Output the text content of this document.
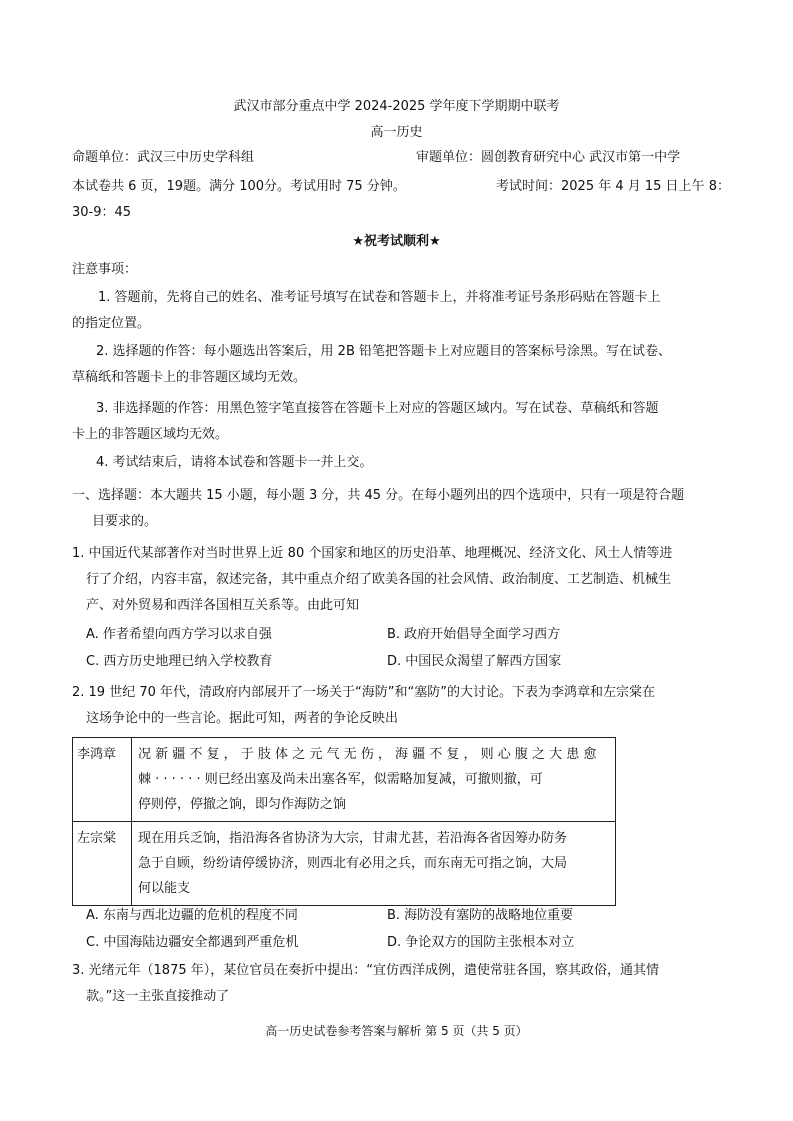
武汉市部分重点中学 2024-2025 学年度下学期期中联考
高一历史
命题单位：武汉三中历史学科组	审题单位：圆创教育研究中心 武汉市第一中学
本试卷共 6 页，19题。满分 100分。考试用时 75 分钟。	考试时间：2025 年 4 月 15 日上午 8：
30-9：45
★祝考试顺利★
注意事项：
1. 答题前，先将自己的姓名、准考证号填写在试卷和答题卡上，并将准考证号条形码贴在答题卡上
的指定位置。
2. 选择题的作答：每小题选出答案后，用 2B 铅笔把答题卡上对应题目的答案标号涂黑。写在试卷、
草稿纸和答题卡上的非答题区域均无效。
3. 非选择题的作答：用黑色签字笔直接答在答题卡上对应的答题区域内。写在试卷、草稿纸和答题
卡上的非答题区域均无效。
4. 考试结束后，请将本试卷和答题卡一并上交。
一、选择题：本大题共 15 小题，每小题 3 分，共 45 分。在每小题列出的四个选项中，只有一项是符合题
目要求的。
1. 中国近代某部著作对当时世界上近 80 个国家和地区的历史沿革、地理概况、经济文化、风土人情等进
行了介绍，内容丰富，叙述完备，其中重点介绍了欧美各国的社会风情、政治制度、工艺制造、机械生
产、对外贸易和西洋各国相互关系等。由此可知
A. 作者希望向西方学习以求自强	B. 政府开始倡导全面学习西方
C. 西方历史地理已纳入学校教育	D. 中国民众渴望了解西方国家
2. 19 世纪 70 年代，清政府内部展开了一场关于“海防”和“塞防”的大讨论。下表为李鸿章和左宗棠在
这场争论中的一些言论。据此可知，两者的争论反映出
李鸿章	况 新 疆 不 复 ， 于 肢 体 之 元 气 无 伤 ， 海 疆 不 复 ， 则 心 腹 之 大 患 愈
棘 · · · · · · 则已经出塞及尚未出塞各军，似需略加复减，可撤则撤，可
停则停，停撤之饷，即匀作海防之饷

左宗棠	现在用兵乏饷，指沿海各省协济为大宗，甘肃尤甚，若沿海各省因筹办防务
急于自顾，纷纷请停缓协济，则西北有必用之兵，而东南无可指之饷，大局
何以能支
A. 东南与西北边疆的危机的程度不同	B. 海防没有塞防的战略地位重要
C. 中国海陆边疆安全都遇到严重危机	D. 争论双方的国防主张根本对立
3. 光绪元年（1875 年），某位官员在奏折中提出：“宜仿西洋成例，遣使常驻各国，察其政俗，通其情
款。”这一主张直接推动了
高一历史试卷参考答案与解析 第 5 页（共 5 页）
